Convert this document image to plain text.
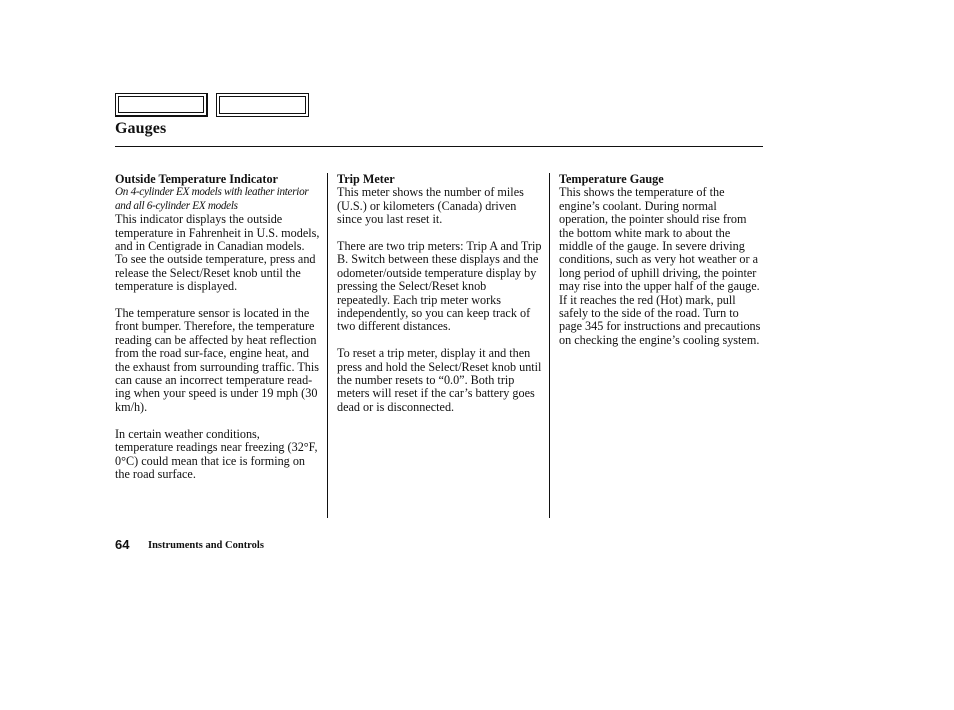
Gauges
Outside Temperature Indicator
On 4-cylinder EX models with leather interior and all 6-cylinder EX models

This indicator displays the outside temperature in Fahrenheit in U.S. models, and in Centigrade in Canadian models. To see the outside temperature, press and release the Select/Reset knob until the temperature is displayed.

The temperature sensor is located in the front bumper. Therefore, the temperature reading can be affected by heat reflection from the road sur-face, engine heat, and the exhaust from surrounding traffic. This can cause an incorrect temperature read-ing when your speed is under 19 mph (30 km/h).

In certain weather conditions, temperature readings near freezing (32°F, 0°C) could mean that ice is forming on the road surface.

Trip Meter

This meter shows the number of miles (U.S.) or kilometers (Canada) driven since you last reset it.

There are two trip meters: Trip A and Trip B. Switch between these displays and the odometer/outside temperature display by pressing the Select/Reset knob repeatedly. Each trip meter works independently, so you can keep track of two different distances.

To reset a trip meter, display it and then press and hold the Select/Reset knob until the number resets to “0.0”. Both trip meters will reset if the car’s battery goes dead or is disconnected.

Temperature Gauge

This shows the temperature of the engine’s coolant. During normal operation, the pointer should rise from the bottom white mark to about the middle of the gauge. In severe driving conditions, such as very hot weather or a long period of uphill driving, the pointer may rise into the upper half of the gauge. If it reaches the red (Hot) mark, pull safely to the side of the road. Turn to page 345 for instructions and precautions on checking the engine’s cooling system.

64 Instruments and Controls
